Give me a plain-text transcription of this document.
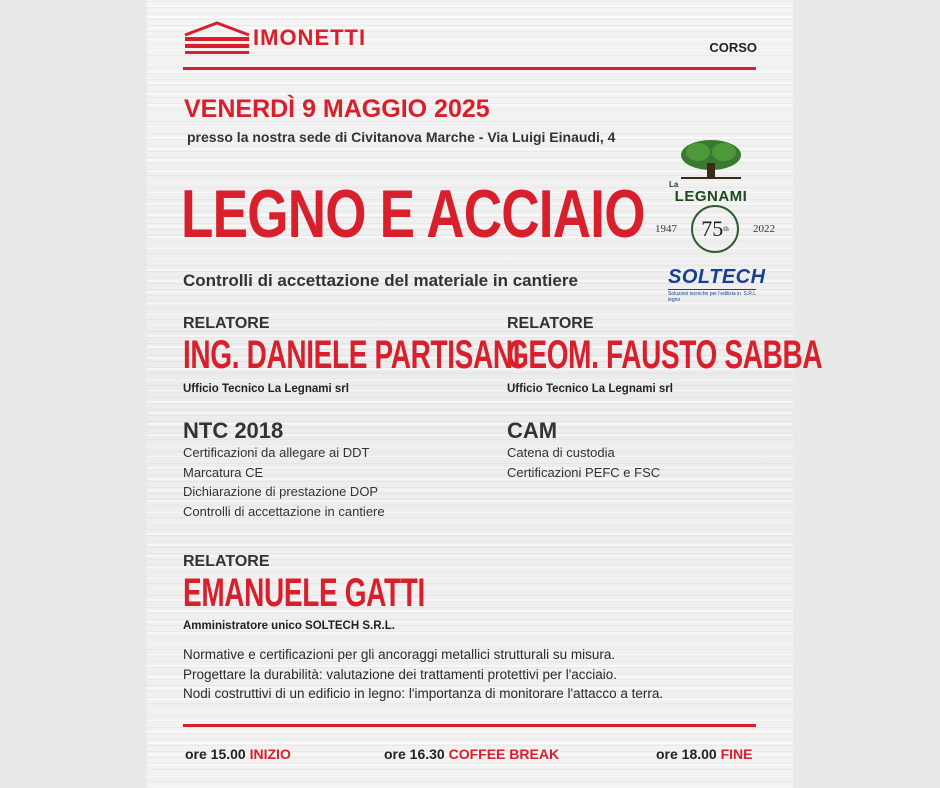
IMONETTI	CORSO
VENERDÌ 9 MAGGIO 2025
presso la nostra sede di Civitanova Marche - Via Luigi Einaudi, 4
LEGNO E ACCIAIO
Controlli di accettazione del materiale in cantiere
La
LEGNAMI
1947 75 th 2022
SOLTECH
Soluzioni tecniche per l'edilizia in legno
S.R.L
RELATORE
ING. DANIELE PARTISANI
Ufficio Tecnico La Legnami srl
RELATORE
GEOM. FAUSTO SABBA
Ufficio Tecnico La Legnami srl
NTC 2018
Certificazioni da allegare ai DDT
Marcatura CE
Dichiarazione di prestazione DOP
Controlli di accettazione in cantiere
CAM
Catena di custodia
Certificazioni PEFC e FSC
RELATORE
EMANUELE GATTI
Amministratore unico SOLTECH S.R.L.
Normative e certificazioni per gli ancoraggi metallici strutturali su misura.
Progettare la durabilità: valutazione dei trattamenti protettivi per l'acciaio.
Nodi costruttivi di un edificio in legno: l'importanza di monitorare l'attacco a terra.
ore 15.00 INIZIO	ore 16.30 COFFEE BREAK	ore 18.00 FINE
